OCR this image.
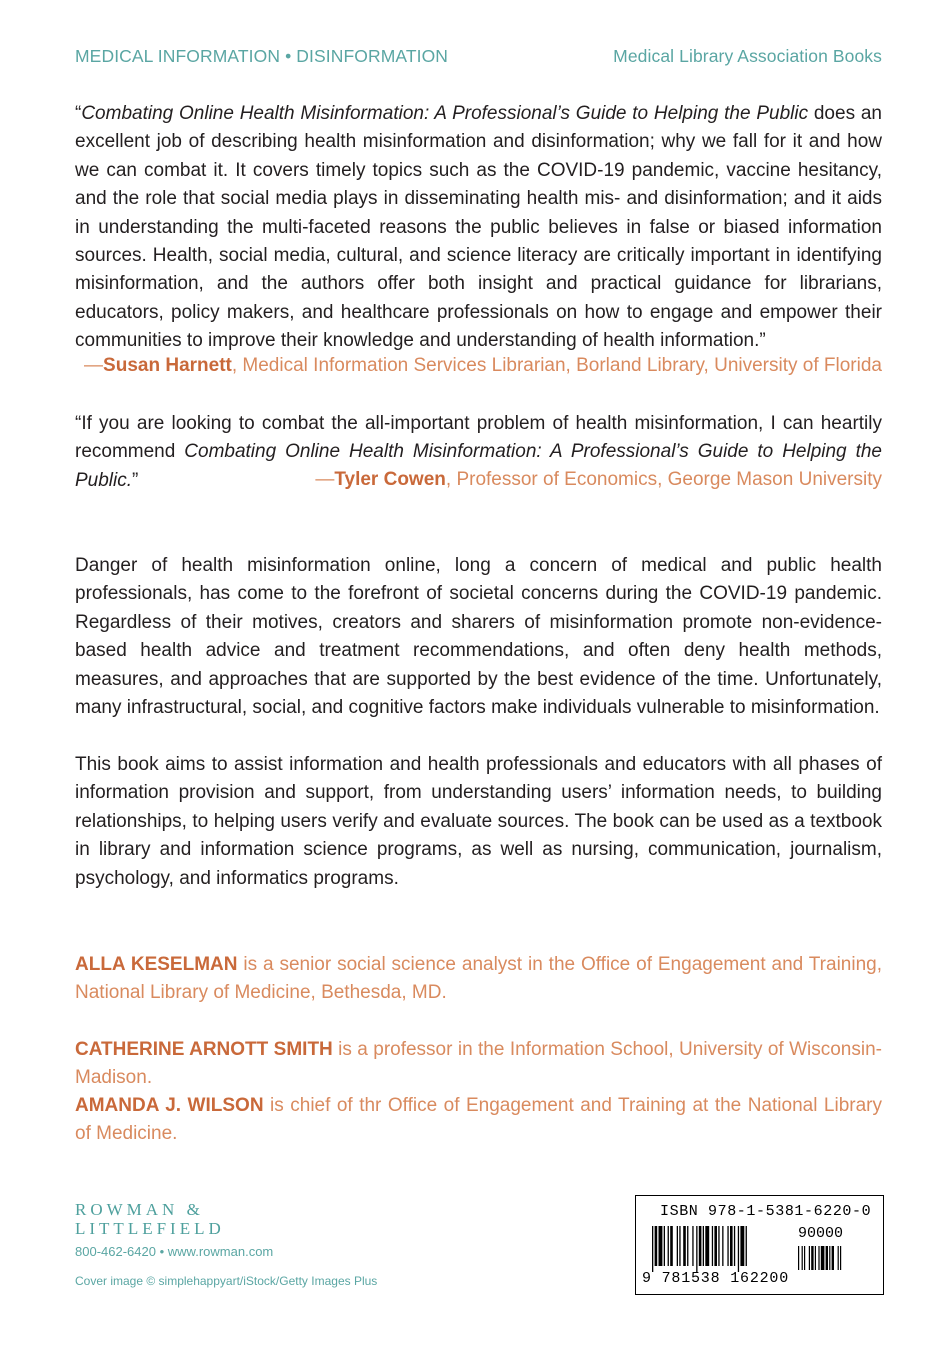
MEDICAL INFORMATION • DISINFORMATION	Medical Library Association Books

“Combating Online Health Misinformation: A Professional’s Guide to Helping the Public does an excellent job of describing health misinformation and disinformation; why we fall for it and how we can combat it. It covers timely topics such as the COVID-19 pandemic, vaccine hesitancy, and the role that social media plays in disseminating health mis- and disinformation; and it aids in understanding the multi-faceted reasons the public believes in false or biased information sources. Health, social media, cultural, and science literacy are critically important in identifying misinformation, and the authors offer both insight and practical guidance for librarians, educators, policy makers, and healthcare professionals on how to engage and empower their communities to improve their knowledge and understanding of health information.”

—Susan Harnett, Medical Information Services Librarian, Borland Library, University of Florida

“If you are looking to combat the all-important problem of health misinformation, I can heartily recommend Combating Online Health Misinformation: A Professional’s Guide to Helping the Public.”	—Tyler Cowen, Professor of Economics, George Mason University

Danger of health misinformation online, long a concern of medical and public health professionals, has come to the forefront of societal concerns during the COVID-19 pandemic. Regardless of their motives, creators and sharers of misinformation promote non-evidence-based health advice and treatment recommendations, and often deny health methods, measures, and approaches that are supported by the best evidence of the time. Unfortunately, many infrastructural, social, and cognitive factors make individuals vulnerable to misinformation.

This book aims to assist information and health professionals and educators with all phases of information provision and support, from understanding users’ information needs, to building relationships, to helping users verify and evaluate sources. The book can be used as a textbook in library and information science programs, as well as nursing, communication, journalism, psychology, and informatics programs.

ALLA KESELMAN is a senior social science analyst in the Office of Engagement and Training, National Library of Medicine, Bethesda, MD.

CATHERINE ARNOTT SMITH is a professor in the Information School, University of Wisconsin-Madison.

AMANDA J. WILSON is chief of thr Office of Engagement and Training at the National Library of Medicine.

ROWMAN &
LITTLEFIELD
800-462-6420 • www.rowman.com
Cover image © simplehappyart/iStock/Getty Images Plus
ISBN 978-1-5381-6220-0
90000
9 781538 162200
